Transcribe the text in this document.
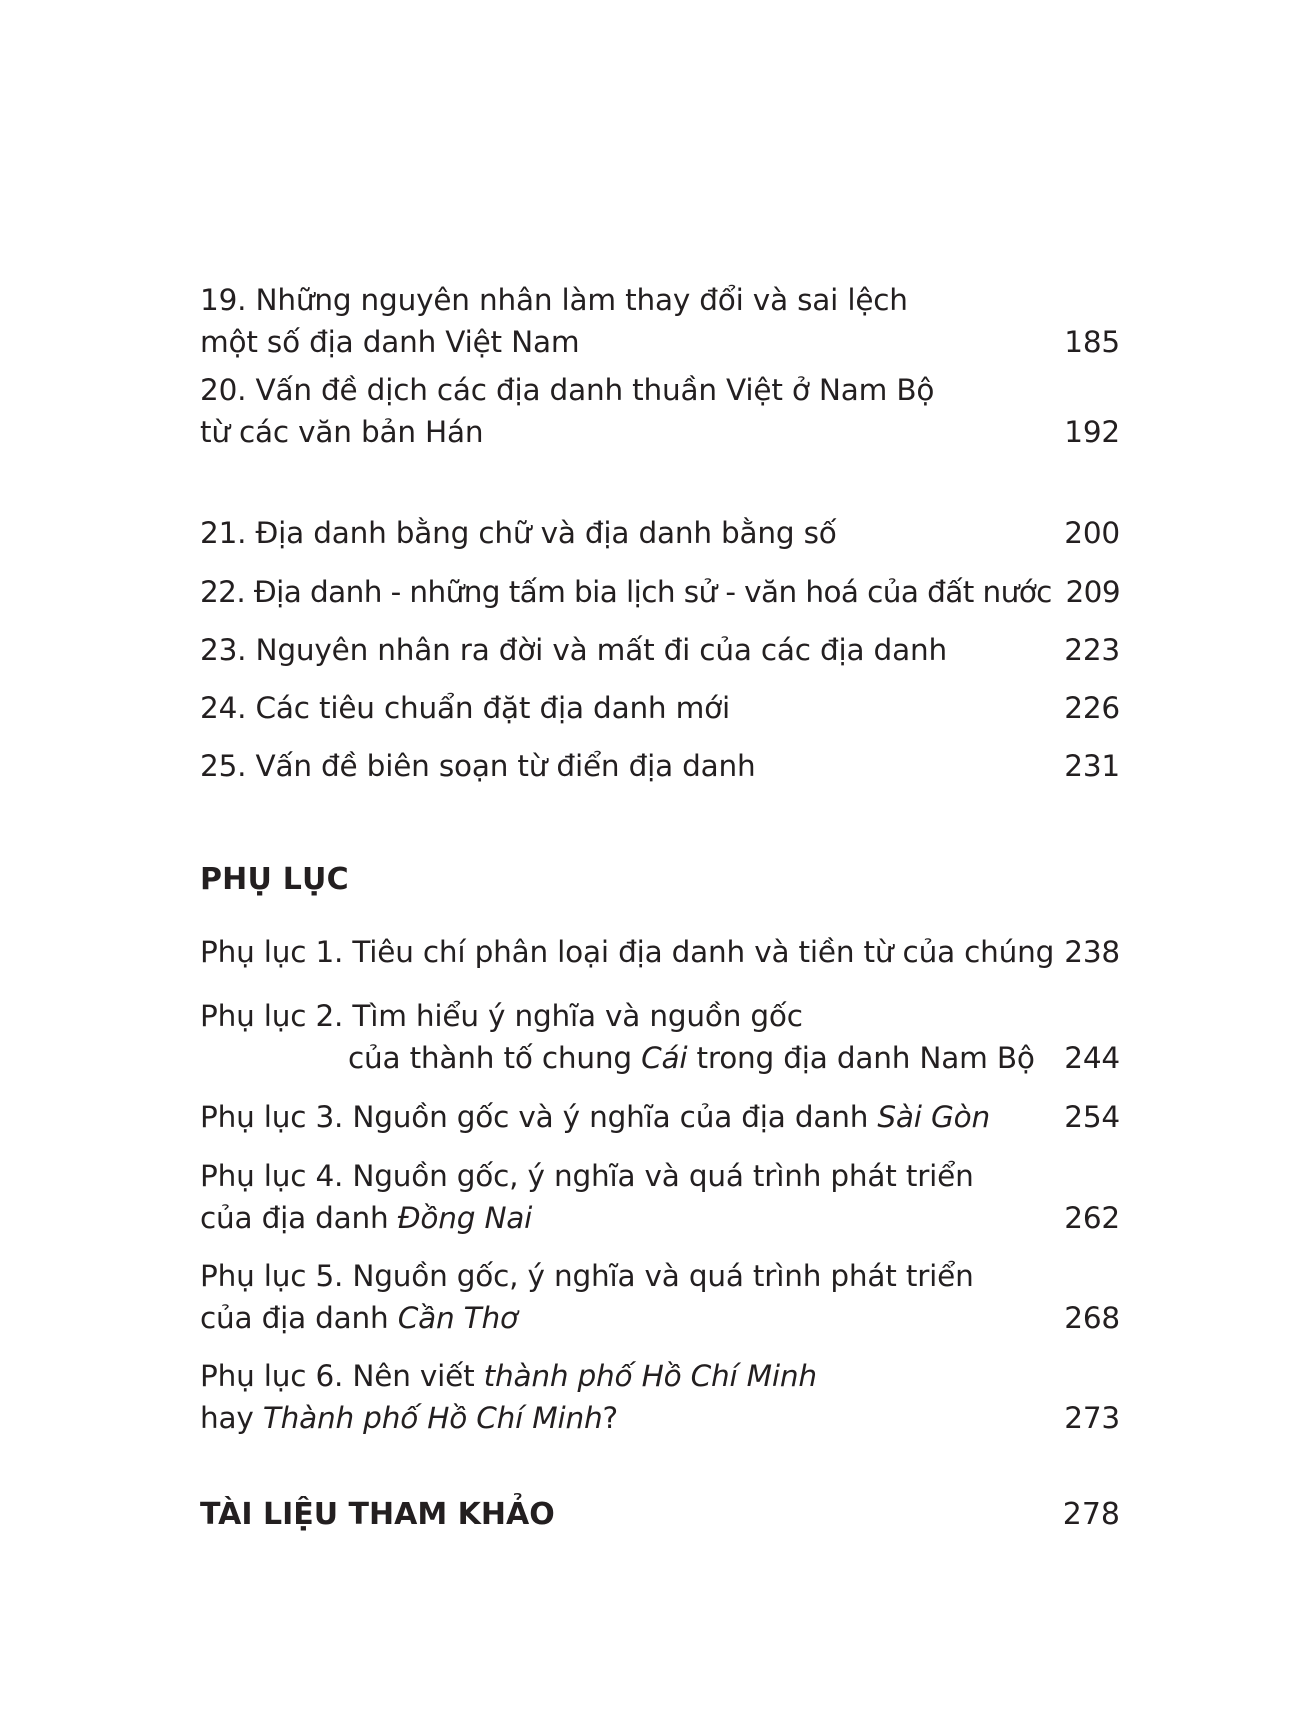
19. Những nguyên nhân làm thay đổi và sai lệch
một số địa danh Việt Nam	185
20. Vấn đề dịch các địa danh thuần Việt ở Nam Bộ
từ các văn bản Hán	192
21. Địa danh bằng chữ và địa danh bằng số	200
22. Địa danh - những tấm bia lịch sử - văn hoá của đất nước 209
23. Nguyên nhân ra đời và mất đi của các địa danh	223
24. Các tiêu chuẩn đặt địa danh mới	226
25. Vấn đề biên soạn từ điển địa danh	231
PHỤ LỤC
Phụ lục 1. Tiêu chí phân loại địa danh và tiền từ của chúng 238
Phụ lục 2. Tìm hiểu ý nghĩa và nguồn gốc
của thành tố chung Cái trong địa danh Nam Bộ	244
Phụ lục 3. Nguồn gốc và ý nghĩa của địa danh Sài Gòn	254
Phụ lục 4. Nguồn gốc, ý nghĩa và quá trình phát triển
của địa danh Đồng Nai	262
Phụ lục 5. Nguồn gốc, ý nghĩa và quá trình phát triển
của địa danh Cần Thơ	268
Phụ lục 6. Nên viết thành phố Hồ Chí Minh
hay Thành phố Hồ Chí Minh?	273
TÀI LIỆU THAM KHẢO	278
